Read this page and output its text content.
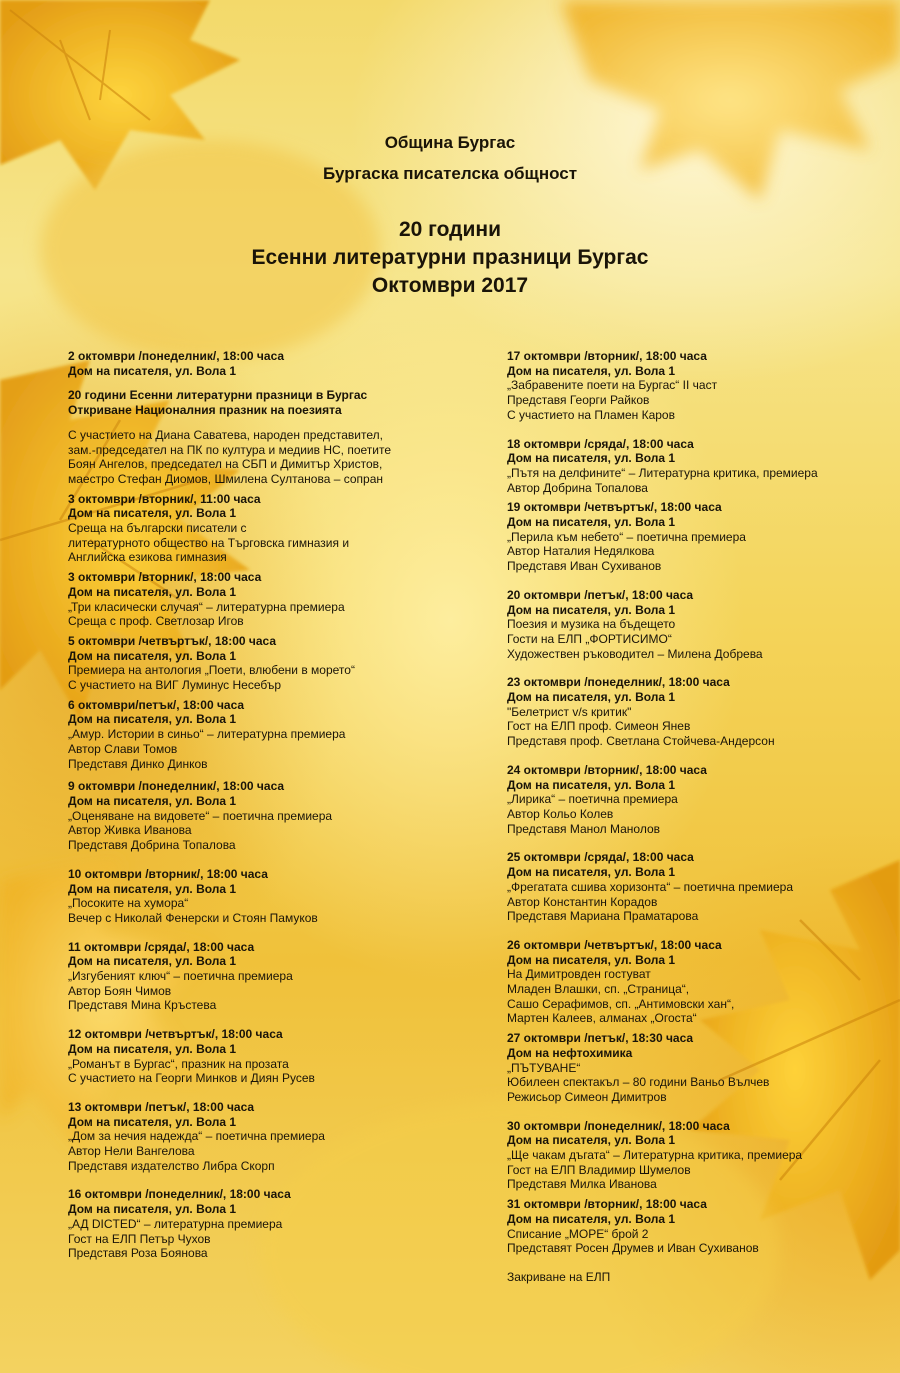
Община Бургас
Бургаска писателска общност
20 години
Есенни литературни празници Бургас
Октомври 2017
2 октомври /понеделник/, 18:00 часа
Дом на писателя, ул. Вола 1
20 години Есенни литературни празници в Бургас
Откриване Националния празник на поезията
С участието на Диана Саватева, народен представител,
зам.-председател на ПК по култура и медиив НС, поетите
Боян Ангелов, председател на СБП и Димитър Христов,
маестро Стефан Диомов, Шмилена Султанова – сопран
3 октомври /вторник/, 11:00 часа
Дом на писателя, ул. Вола 1
Среща на български писатели с
литературното общество на Търговска гимназия и
Английска езикова гимназия
3 октомври /вторник/, 18:00 часа
Дом на писателя, ул. Вола 1
„Три класически случая“ – литературна премиера
Среща с проф. Светлозар Игов
5 октомври /четвъртък/, 18:00 часа
Дом на писателя, ул. Вола 1
Премиера на антология „Поети, влюбени в морето“
С участието на ВИГ Луминус Несебър
6 октомври/петък/, 18:00 часа
Дом на писателя, ул. Вола 1
„Амур. Истории в синьо“ – литературна премиера
Автор Слави Томов
Представя Динко Динков
9 октомври /понеделник/, 18:00 часа
Дом на писателя, ул. Вола 1
„Оценяване на видовете“ – поетична премиера
Автор Живка Иванова
Представя Добрина Топалова
10 октомври /вторник/, 18:00 часа
Дом на писателя, ул. Вола 1
„Посоките на хумора“
Вечер с Николай Фенерски и Стоян Памуков
11 октомври /сряда/, 18:00 часа
Дом на писателя, ул. Вола 1
„Изгубеният ключ“ – поетична премиера
Автор Боян Чимов
Представя Мина Кръстева
12 октомври /четвъртък/, 18:00 часа
Дом на писателя, ул. Вола 1
„Романът в Бургас“, празник на прозата
С участието на Георги Минков и Диян Русев
13 октомври /петък/, 18:00 часа
Дом на писателя, ул. Вола 1
„Дом за нечия надежда“ – поетична премиера
Автор Нели Вангелова
Представя издателство Либра Скорп
16 октомври /понеделник/, 18:00 часа
Дом на писателя, ул. Вола 1
„АД DICTED“ – литературна премиера
Гост на ЕЛП Петър Чухов
Представя Роза Боянова
17 октомври /вторник/, 18:00 часа
Дом на писателя, ул. Вола 1
„Забравените поети на Бургас“ II част
Представя Георги Райков
С участието на Пламен Каров
18 октомври /сряда/, 18:00 часа
Дом на писателя, ул. Вола 1
„Пътя на делфините“ – Литературна критика, премиера
Автор Добрина Топалова
19 октомври /четвъртък/, 18:00 часа
Дом на писателя, ул. Вола 1
„Перила към небето“ – поетична премиера
Автор Наталия Недялкова
Представя Иван Сухиванов
20 октомври /петък/, 18:00 часа
Дом на писателя, ул. Вола 1
Поезия и музика на бъдещето
Гости на ЕЛП „ФОРТИСИМО“
Художествен ръководител – Милена Добрева
23 октомври /понеделник/, 18:00 часа
Дом на писателя, ул. Вола 1
"Белетрист v/s критик"
Гост на ЕЛП проф. Симеон Янев
Представя проф. Светлана Стойчева-Андерсон
24 октомври /вторник/, 18:00 часа
Дом на писателя, ул. Вола 1
„Лирика“ – поетична премиера
Автор Кольо Колев
Представя Манол Манолов
25 октомври /сряда/, 18:00 часа
Дом на писателя, ул. Вола 1
„Фрегатата сшива хоризонта“ – поетична премиера
Автор Константин Корадов
Представя Мариана Праматарова
26 октомври /четвъртък/, 18:00 часа
Дом на писателя, ул. Вола 1
На Димитровден гостуват
Младен Влашки, сп. „Страница“,
Сашо Серафимов, сп. „Антимовски хан“,
Мартен Калеев, алманах „Огоста“
27 октомври /петък/, 18:30 часа
Дом на нефтохимика
„ПЪТУВАНЕ“
Юбилеен спектакъл – 80 години Ваньо Вълчев
Режисьор Симеон Димитров
30 октомври /понеделник/, 18:00 часа
Дом на писателя, ул. Вола 1
„Ще чакам дъгата“ – Литературна критика, премиера
Гост на ЕЛП Владимир Шумелов
Представя Милка Иванова
31 октомври /вторник/, 18:00 часа
Дом на писателя, ул. Вола 1
Списание „МОРЕ“ брой 2
Представят Росен Друмев и Иван Сухиванов
Закриване на ЕЛП
